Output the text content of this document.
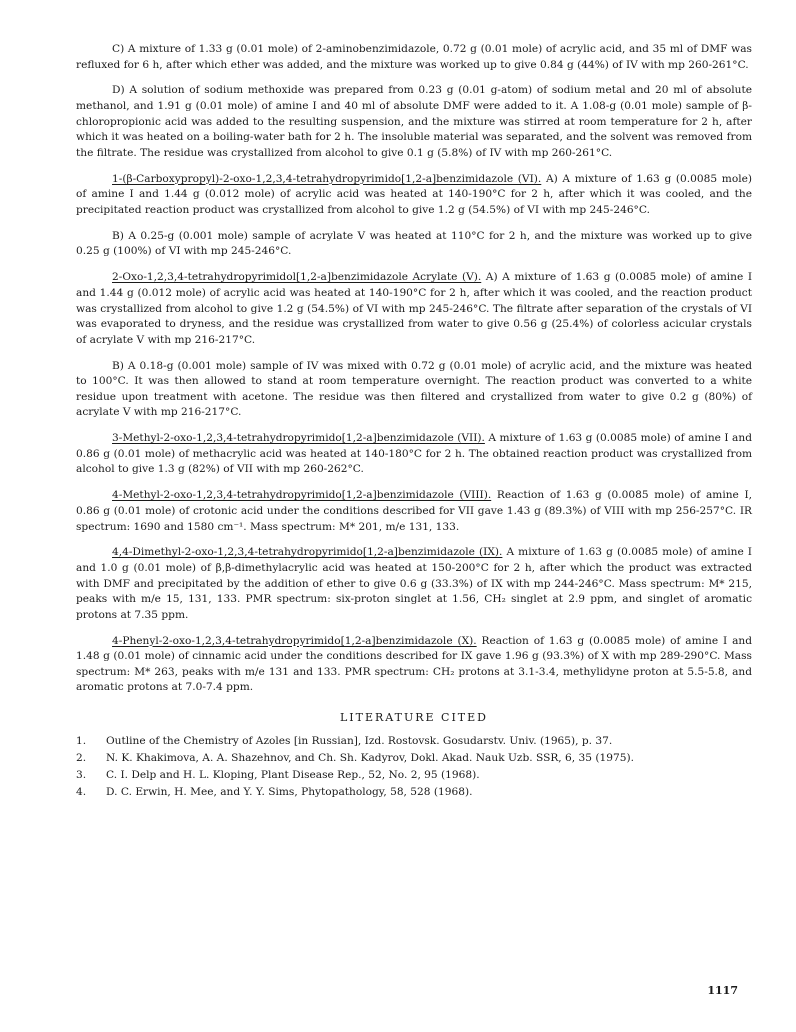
C) A mixture of 1.33 g (0.01 mole) of 2-aminobenzimidazole, 0.72 g (0.01 mole) of acrylic acid, and 35 ml of DMF was refluxed for 6 h, after which ether was added, and the mixture was worked up to give 0.84 g (44%) of IV with mp 260-261°C.

D) A solution of sodium methoxide was prepared from 0.23 g (0.01 g-atom) of sodium metal and 20 ml of absolute methanol, and 1.91 g (0.01 mole) of amine I and 40 ml of absolute DMF were added to it. A 1.08-g (0.01 mole) sample of β-chloropropionic acid was added to the resulting suspension, and the mixture was stirred at room temperature for 2 h, after which it was heated on a boiling-water bath for 2 h. The insoluble material was separated, and the solvent was removed from the filtrate. The residue was crystallized from alcohol to give 0.1 g (5.8%) of IV with mp 260-261°C.

1-(β-Carboxypropyl)-2-oxo-1,2,3,4-tetrahydropyrimido[1,2-a]benzimidazole (VI). A) A mixture of 1.63 g (0.0085 mole) of amine I and 1.44 g (0.012 mole) of acrylic acid was heated at 140-190°C for 2 h, after which it was cooled, and the precipitated reaction product was crystallized from alcohol to give 1.2 g (54.5%) of VI with mp 245-246°C.

B) A 0.25-g (0.001 mole) sample of acrylate V was heated at 110°C for 2 h, and the mixture was worked up to give 0.25 g (100%) of VI with mp 245-246°C.

2-Oxo-1,2,3,4-tetrahydropyrimidol[1,2-a]benzimidazole Acrylate (V). A) A mixture of 1.63 g (0.0085 mole) of amine I and 1.44 g (0.012 mole) of acrylic acid was heated at 140-190°C for 2 h, after which it was cooled, and the reaction product was crystallized from alcohol to give 1.2 g (54.5%) of VI with mp 245-246°C. The filtrate after separation of the crystals of VI was evaporated to dryness, and the residue was crystallized from water to give 0.56 g (25.4%) of colorless acicular crystals of acrylate V with mp 216-217°C.

B) A 0.18-g (0.001 mole) sample of IV was mixed with 0.72 g (0.01 mole) of acrylic acid, and the mixture was heated to 100°C. It was then allowed to stand at room temperature overnight. The reaction product was converted to a white residue upon treatment with acetone. The residue was then filtered and crystallized from water to give 0.2 g (80%) of acrylate V with mp 216-217°C.

3-Methyl-2-oxo-1,2,3,4-tetrahydropyrimido[1,2-a]benzimidazole (VII). A mixture of 1.63 g (0.0085 mole) of amine I and 0.86 g (0.01 mole) of methacrylic acid was heated at 140-180°C for 2 h. The obtained reaction product was crystallized from alcohol to give 1.3 g (82%) of VII with mp 260-262°C.

4-Methyl-2-oxo-1,2,3,4-tetrahydropyrimido[1,2-a]benzimidazole (VIII). Reaction of 1.63 g (0.0085 mole) of amine I, 0.86 g (0.01 mole) of crotonic acid under the conditions described for VII gave 1.43 g (89.3%) of VIII with mp 256-257°C. IR spectrum: 1690 and 1580 cm⁻¹. Mass spectrum: M* 201, m/e 131, 133.

4,4-Dimethyl-2-oxo-1,2,3,4-tetrahydropyrimido[1,2-a]benzimidazole (IX). A mixture of 1.63 g (0.0085 mole) of amine I and 1.0 g (0.01 mole) of β,β-dimethylacrylic acid was heated at 150-200°C for 2 h, after which the product was extracted with DMF and precipitated by the addition of ether to give 0.6 g (33.3%) of IX with mp 244-246°C. Mass spectrum: M* 215, peaks with m/e 15, 131, 133. PMR spectrum: six-proton singlet at 1.56, CH₂ singlet at 2.9 ppm, and singlet of aromatic protons at 7.35 ppm.

4-Phenyl-2-oxo-1,2,3,4-tetrahydropyrimido[1,2-a]benzimidazole (X). Reaction of 1.63 g (0.0085 mole) of amine I and 1.48 g (0.01 mole) of cinnamic acid under the conditions described for IX gave 1.96 g (93.3%) of X with mp 289-290°C. Mass spectrum: M* 263, peaks with m/e 131 and 133. PMR spectrum: CH₂ protons at 3.1-3.4, methylidyne proton at 5.5-5.8, and aromatic protons at 7.0-7.4 ppm.

LITERATURE CITED
1.	Outline of the Chemistry of Azoles [in Russian], Izd. Rostovsk. Gosudarstv. Univ. (1965), p. 37.
2.	N. K. Khakimova, A. A. Shazehnov, and Ch. Sh. Kadyrov, Dokl. Akad. Nauk Uzb. SSR, 6, 35 (1975).
3.	C. I. Delp and H. L. Kloping, Plant Disease Rep., 52, No. 2, 95 (1968).
4.	D. C. Erwin, H. Mee, and Y. Y. Sims, Phytopathology, 58, 528 (1968).
1117
